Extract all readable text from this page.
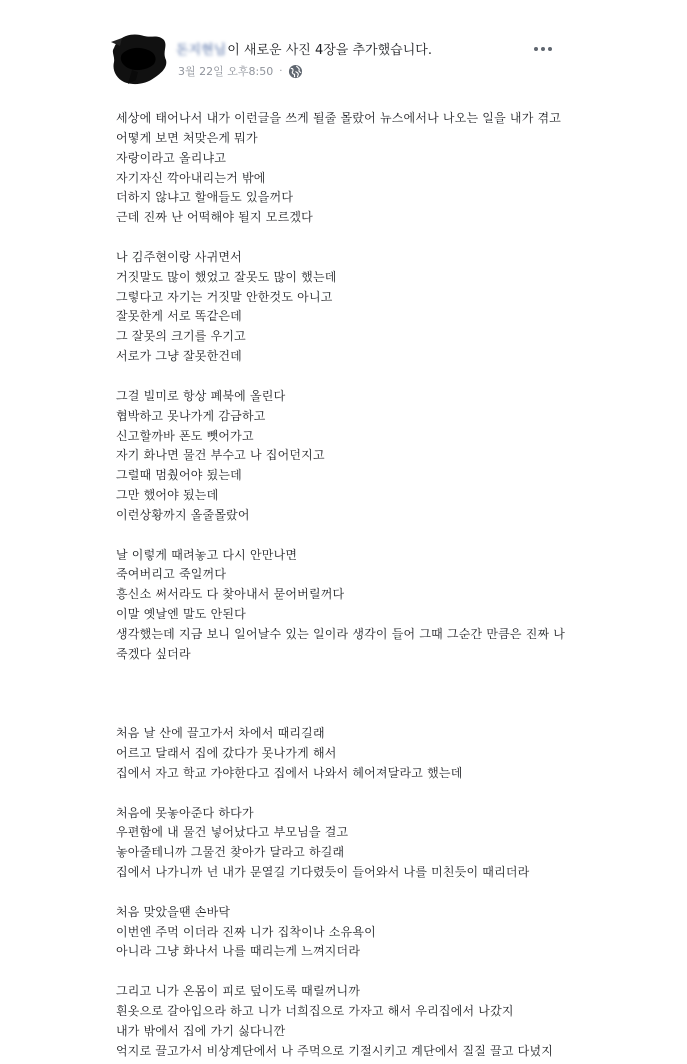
돈지현님이 새로운 사진 4장을 추가했습니다.
3월 22일 오후8:50 ·
세상에 태어나서 내가 이런글을 쓰게 될줄 몰랐어 뉴스에서나 나오는 일을 내가 겪고
어떻게 보면 처맞은게 뭐가
자랑이라고 올리냐고
자기자신 깍아내리는거 밖에
더하지 않냐고 할애들도 있을꺼다
근데 진짜 난 어떡해야 될지 모르겠다
나 김주현이랑 사귀면서
거짓말도 많이 했었고 잘못도 많이 했는데
그렇다고 자기는 거짓말 안한것도 아니고
잘못한게 서로 똑같은데
그 잘못의 크기를 우기고
서로가 그냥 잘못한건데
그걸 빌미로 항상 폐북에 올린다
협박하고 못나가게 감금하고
신고할까바 폰도 뺏어가고
자기 화나면 물건 부수고 나 집어던지고
그럴때 멈췄어야 됬는데
그만 했어야 됬는데
이런상황까지 올줄몰랐어
날 이렇게 때려놓고 다시 안만나면
죽여버리고 죽일꺼다
흥신소 써서라도 다 찾아내서 묻어버릴꺼다
이말 옛날엔 말도 안된다
생각했는데 지금 보니 일어날수 있는 일이라 생각이 들어 그때 그순간 만큼은 진짜 나
죽겠다 싶더라
처음 날 산에 끌고가서 차에서 때리길래
어르고 달래서 집에 갔다가 못나가게 해서
집에서 자고 학교 가야한다고 집에서 나와서 헤어져달라고 했는데
처음에 못놓아준다 하다가
우편함에 내 물건 넣어났다고 부모님을 걸고
놓아줄테니까 그물건 찾아가 달라고 하길래
집에서 나가니까 넌 내가 문열길 기다렸듯이 들어와서 나를 미친듯이 때리더라
처음 맞았을땐 손바닥
이번엔 주먹 이더라 진짜 니가 집착이나 소유욕이
아니라 그냥 화나서 나를 때리는게 느껴지더라
그리고 니가 온몸이 피로 덮이도록 때릴꺼니까
흰옷으로 갈아입으라 하고 니가 너희집으로 가자고 해서 우리집에서 나갔지
내가 밖에서 집에 가기 싫다니깐
억지로 끌고가서 비상계단에서 나 주먹으로 기절시키고 계단에서 질질 끌고 다녔지
